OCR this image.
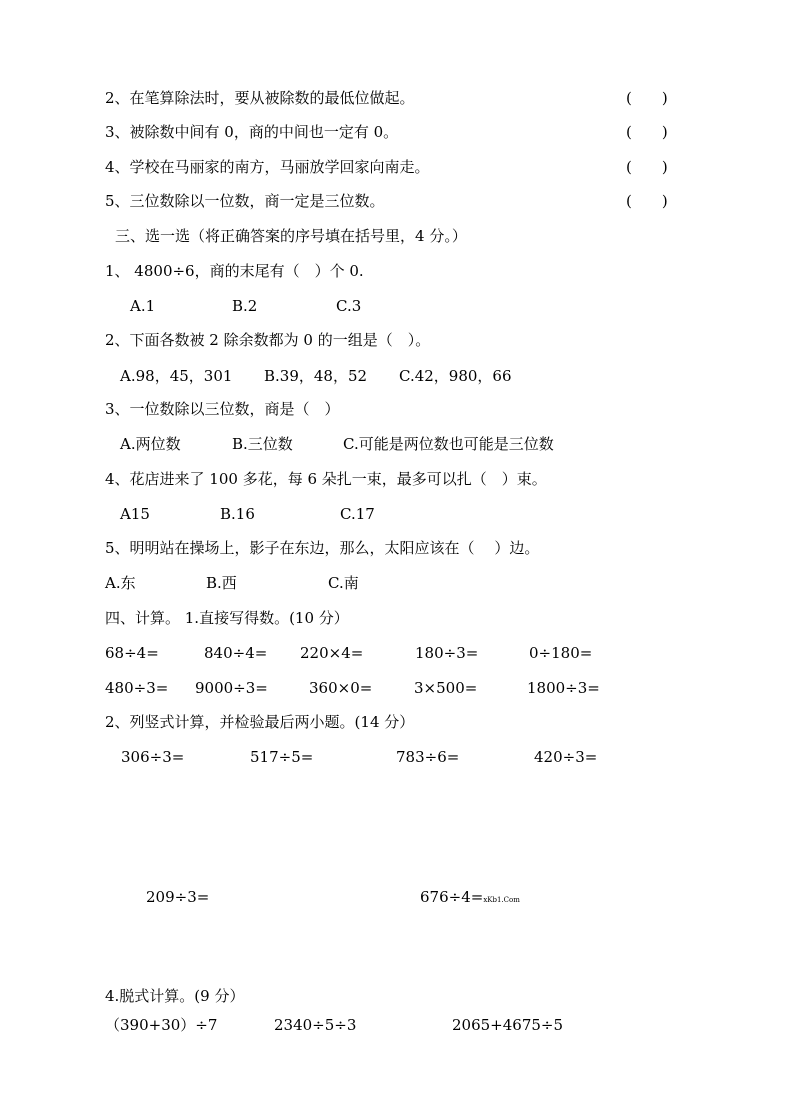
2、在笔算除法时，要从被除数的最低位做起。	(　　)
3、被除数中间有 0，商的中间也一定有 0。	(　　)
4、学校在马丽家的南方，马丽放学回家向南走。	(　　)
5、三位数除以一位数，商一定是三位数。	(　　)
三、选一选（将正确答案的序号填在括号里，4 分。）
1、 4800÷6，商的末尾有（　）个 0.
A.1	B.2	C.3
2、下面各数被 2 除余数都为 0 的一组是（　）。
A.98，45，301 B.39，48，52 C.42，980，66
3、一位数除以三位数，商是（　）
A.两位数	B.三位数	C.可能是两位数也可能是三位数
4、花店进来了 100 多花，每 6 朵扎一束，最多可以扎（　）束。
A15	B.16	C.17
5、明明站在操场上，影子在东边，那么，太阳应该在（　 ）边。
A.东	B.西	C.南
四、计算。 1.直接写得数。(10 分）
68÷4=	840÷4= 220×4=	180÷3=	0÷180=
480÷3= 9000÷3=	360×0=	3×500=	1800÷3=
2、列竖式计算，并检验最后两小题。(14 分）
306÷3=	517÷5=	783÷6=	420÷3=
209÷3=	676÷4=xKb1.Com
4.脱式计算。(9 分）
（390+30）÷7	2340÷5÷3	2065+4675÷5
